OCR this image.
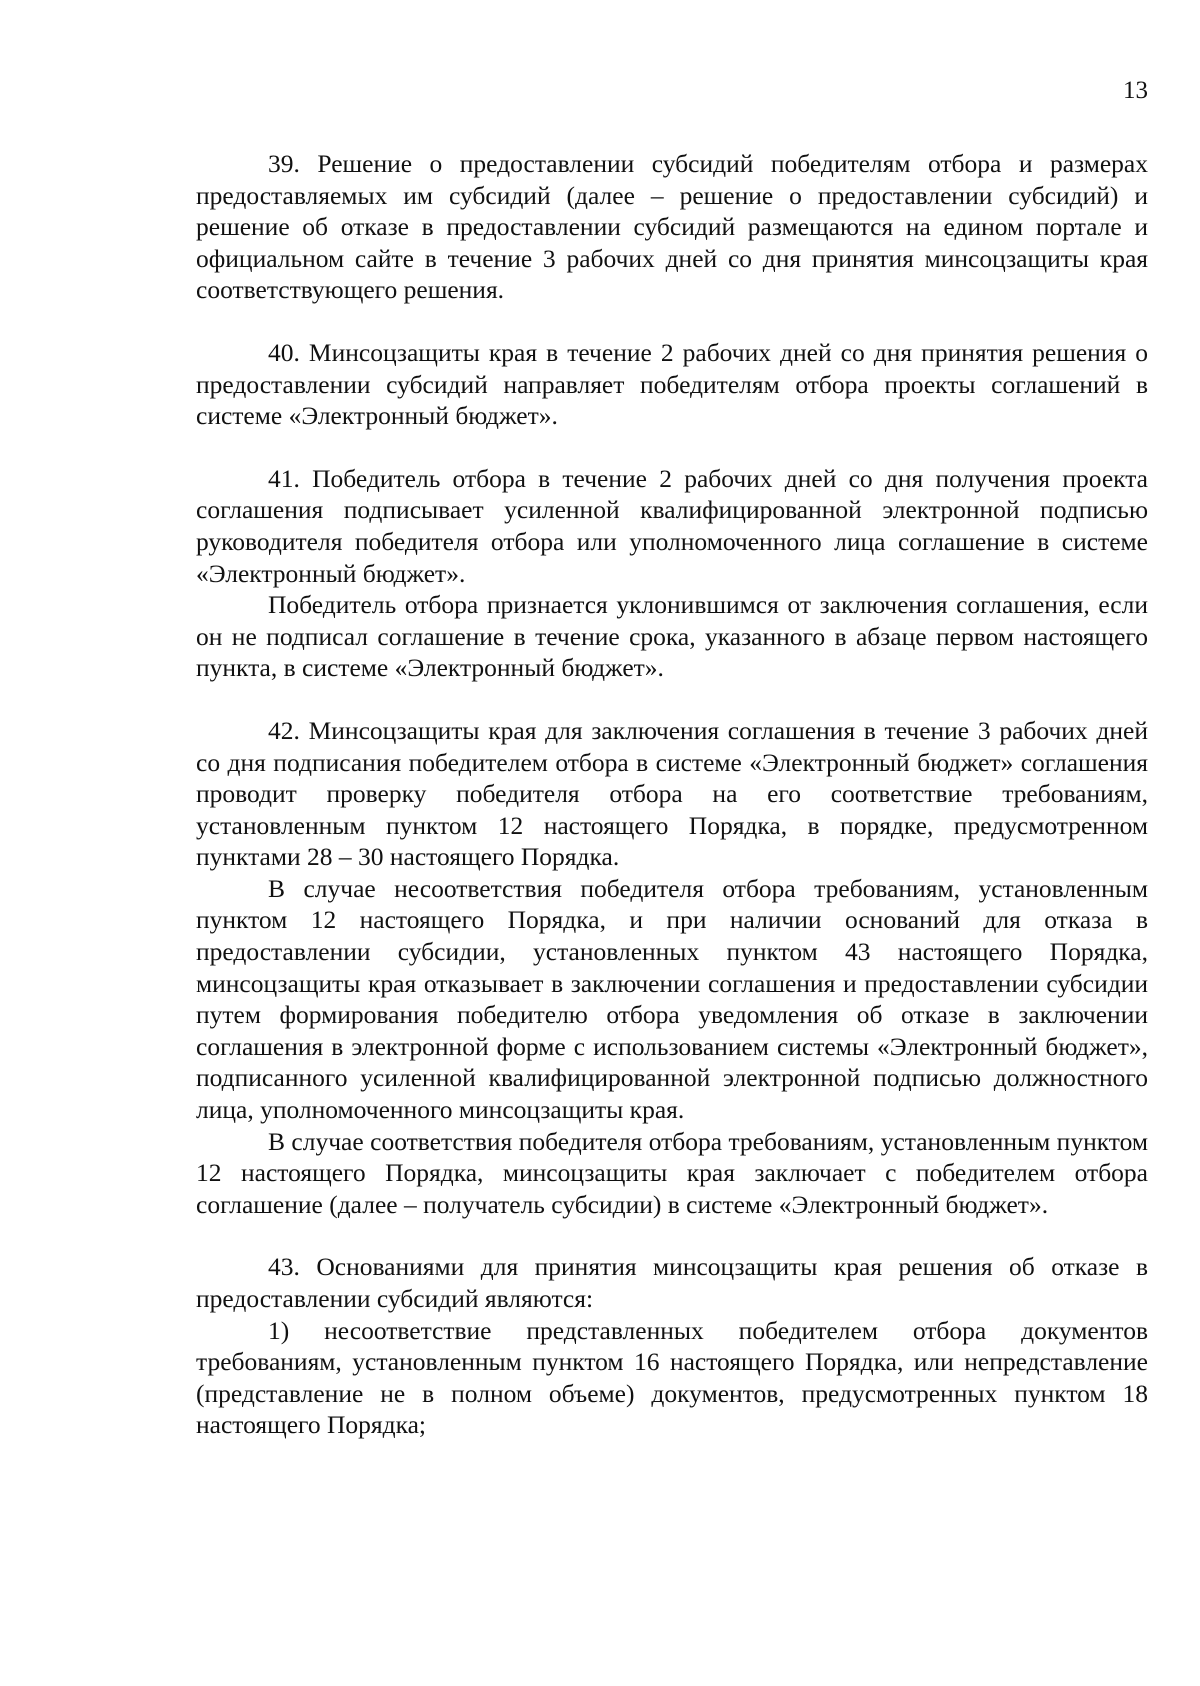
13

39. Решение о предоставлении субсидий победителям отбора и размерах предоставляемых им субсидий (далее – решение о предоставлении субсидий) и решение об отказе в предоставлении субсидий размещаются на едином портале и официальном сайте в течение 3 рабочих дней со дня принятия минсоцзащиты края соответствующего решения.

40. Минсоцзащиты края в течение 2 рабочих дней со дня принятия решения о предоставлении субсидий направляет победителям отбора проекты соглашений в системе «Электронный бюджет».

41. Победитель отбора в течение 2 рабочих дней со дня получения проекта соглашения подписывает усиленной квалифицированной электронной подписью руководителя победителя отбора или уполномоченного лица соглашение в системе «Электронный бюджет».

Победитель отбора признается уклонившимся от заключения соглашения, если он не подписал соглашение в течение срока, указанного в абзаце первом настоящего пункта, в системе «Электронный бюджет».

42. Минсоцзащиты края для заключения соглашения в течение 3 рабочих дней со дня подписания победителем отбора в системе «Электронный бюджет» соглашения проводит проверку победителя отбора на его соответствие требованиям, установленным пунктом 12 настоящего Порядка, в порядке, предусмотренном пунктами 28 – 30 настоящего Порядка.

В случае несоответствия победителя отбора требованиям, установленным пунктом 12 настоящего Порядка, и при наличии оснований для отказа в предоставлении субсидии, установленных пунктом 43 настоящего Порядка, минсоцзащиты края отказывает в заключении соглашения и предоставлении субсидии путем формирования победителю отбора уведомления об отказе в заключении соглашения в электронной форме с использованием системы «Электронный бюджет», подписанного усиленной квалифицированной электронной подписью должностного лица, уполномоченного минсоцзащиты края.

В случае соответствия победителя отбора требованиям, установленным пунктом 12 настоящего Порядка, минсоцзащиты края заключает с победителем отбора соглашение (далее – получатель субсидии) в системе «Электронный бюджет».

43. Основаниями для принятия минсоцзащиты края решения об отказе в предоставлении субсидий являются:

1) несоответствие представленных победителем отбора документов требованиям, установленным пунктом 16 настоящего Порядка, или непредставление (представление не в полном объеме) документов, предусмотренных пунктом 18 настоящего Порядка;
